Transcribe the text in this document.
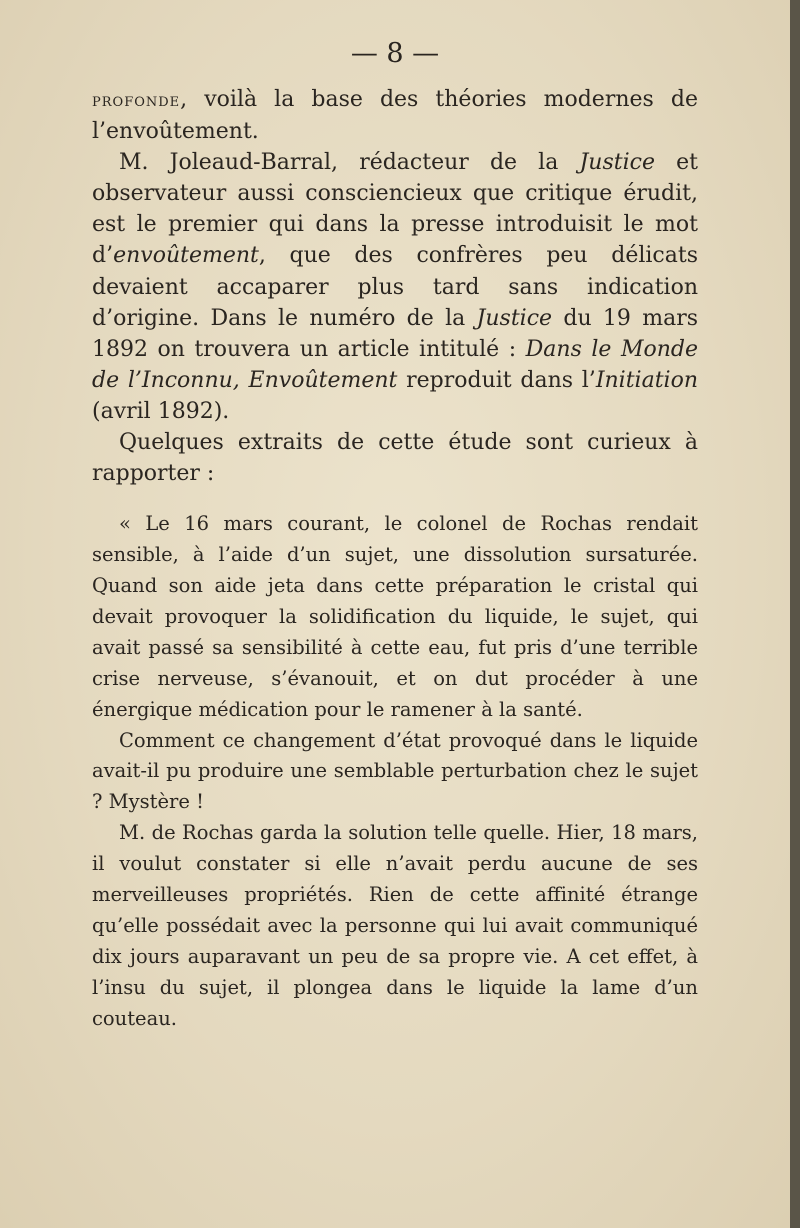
— 8 —

profonde, voilà la base des théories modernes de l’envoûtement.

M. Joleaud-Barral, rédacteur de la Justice et observateur aussi consciencieux que critique érudit, est le premier qui dans la presse introduisit le mot d’envoûtement, que des confrères peu délicats devaient accaparer plus tard sans indication d’origine. Dans le numéro de la Justice du 19 mars 1892 on trouvera un article intitulé : Dans le Monde de l’Inconnu, Envoûtement reproduit dans l’Initiation (avril 1892).

Quelques extraits de cette étude sont curieux à rapporter :

« Le 16 mars courant, le colonel de Rochas rendait sensible, à l’aide d’un sujet, une dissolution sursaturée. Quand son aide jeta dans cette préparation le cristal qui devait provoquer la solidification du liquide, le sujet, qui avait passé sa sensibilité à cette eau, fut pris d’une terrible crise nerveuse, s’évanouit, et on dut procéder à une énergique médication pour le ramener à la santé.

Comment ce changement d’état provoqué dans le liquide avait-il pu produire une semblable perturbation chez le sujet ? Mystère !

M. de Rochas garda la solution telle quelle. Hier, 18 mars, il voulut constater si elle n’avait perdu aucune de ses merveilleuses propriétés. Rien de cette affinité étrange qu’elle possédait avec la personne qui lui avait communiqué dix jours auparavant un peu de sa propre vie. A cet effet, à l’insu du sujet, il plongea dans le liquide la lame d’un couteau.
